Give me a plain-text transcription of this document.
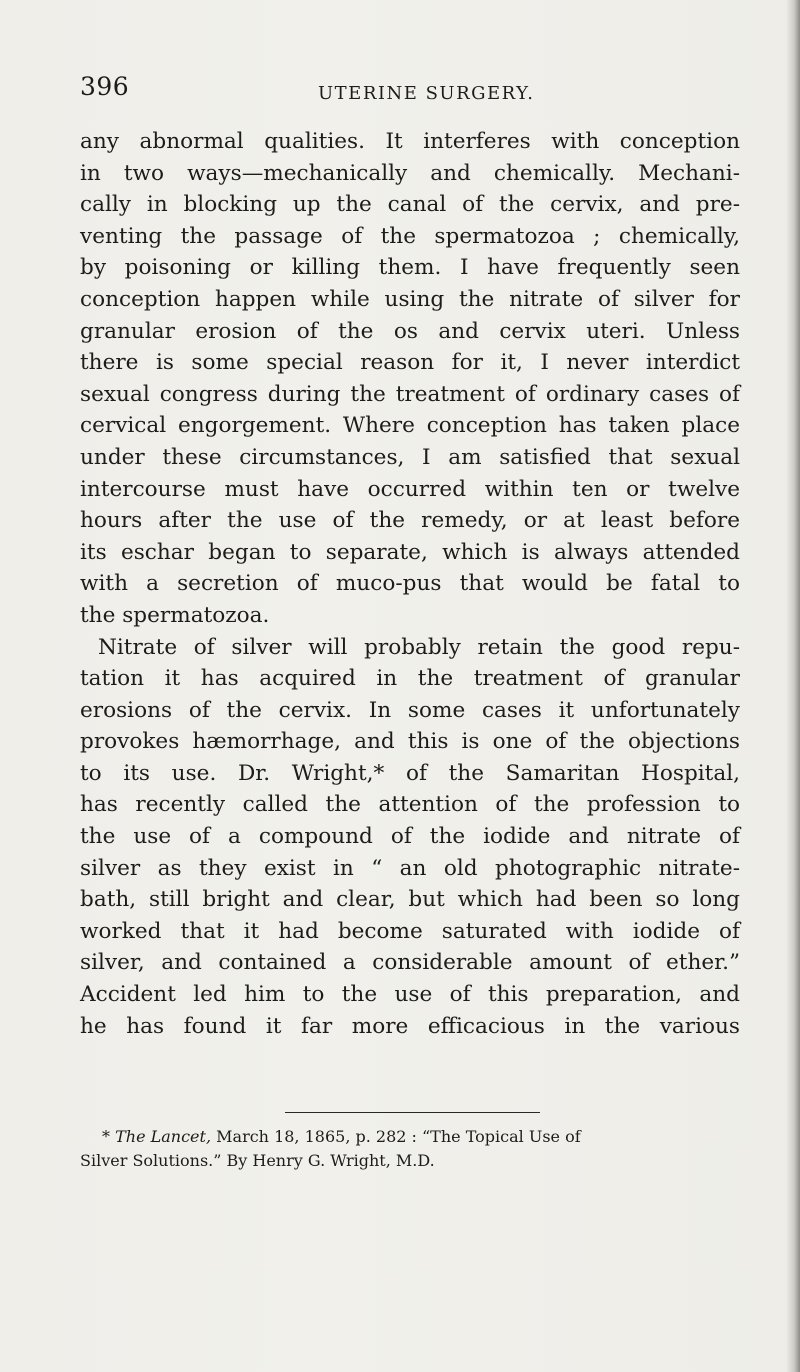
396	UTERINE SURGERY.
any abnormal qualities. It interferes with conception
in two ways—mechanically and chemically. Mechani-
cally in blocking up the canal of the cervix, and pre-
venting the passage of the spermatozoa ; chemically,
by poisoning or killing them. I have frequently seen
conception happen while using the nitrate of silver for
granular erosion of the os and cervix uteri. Unless
there is some special reason for it, I never interdict
sexual congress during the treatment of ordinary cases of
cervical engorgement. Where conception has taken place
under these circumstances, I am satisfied that sexual
intercourse must have occurred within ten or twelve
hours after the use of the remedy, or at least before
its eschar began to separate, which is always attended
with a secretion of muco-pus that would be fatal to
the spermatozoa.
Nitrate of silver will probably retain the good repu-
tation it has acquired in the treatment of granular
erosions of the cervix. In some cases it unfortunately
provokes hæmorrhage, and this is one of the objections
to its use. Dr. Wright,* of the Samaritan Hospital,
has recently called the attention of the profession to
the use of a compound of the iodide and nitrate of
silver as they exist in “ an old photographic nitrate-
bath, still bright and clear, but which had been so long
worked that it had become saturated with iodide of
silver, and contained a considerable amount of ether.”
Accident led him to the use of this preparation, and
he has found it far more efficacious in the various
* The Lancet, March 18, 1865, p. 282 : “The Topical Use of
Silver Solutions.” By Henry G. Wright, M.D.
